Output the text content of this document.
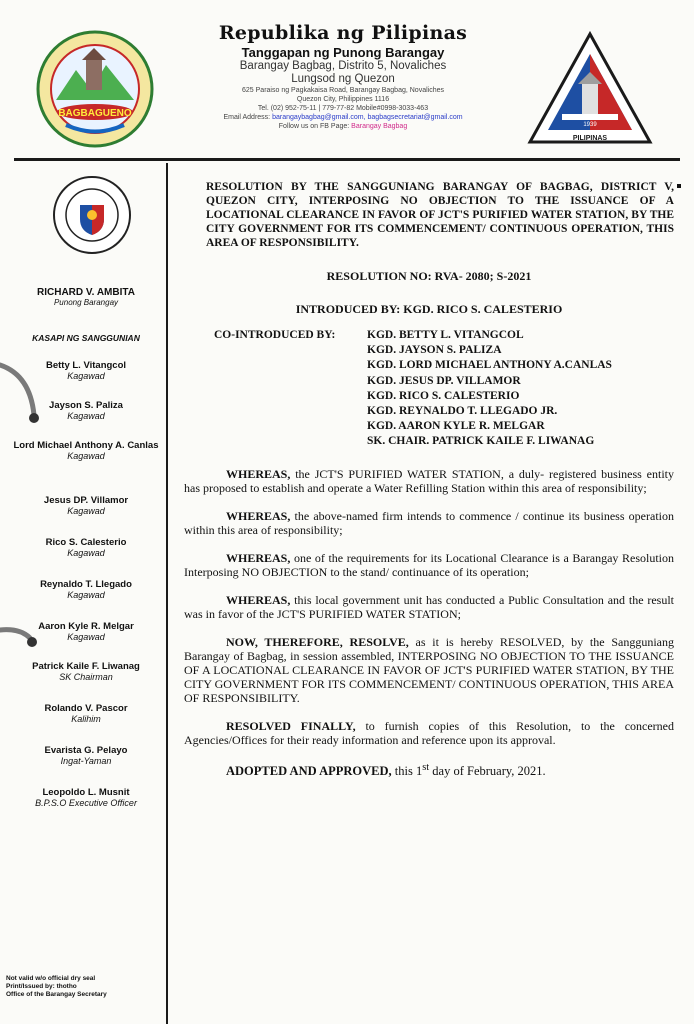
BAGBAGUENO
Republika ng Pilipinas
Tanggapan ng Punong Barangay
Barangay Bagbag, Distrito 5, Novaliches
Lungsod ng Quezon
625 Paraiso ng Pagkakaisa Road, Barangay Bagbag, Novaliches
Quezon City, Philippines 1116
Tel. (02) 952-75-11 | 779-77-82 Mobile#0998-3033-463
Email Address: barangaybagbag@gmail.com, bagbagsecretariat@gmail.com
Follow us on FB Page: Barangay Bagbag
PILIPINAS
1939
RICHARD V. AMBITA
Punong Barangay
KASAPI NG SANGGUNIAN
Betty L. Vitangcol
Kagawad
Jayson S. Paliza
Kagawad
Lord Michael Anthony A. Canlas
Kagawad
Jesus DP. Villamor
Kagawad
Rico S. Calesterio
Kagawad
Reynaldo T. Llegado
Kagawad
Aaron Kyle R. Melgar
Kagawad
Patrick Kaile F. Liwanag
SK Chairman
Rolando V. Pascor
Kalihim
Evarista G. Pelayo
Ingat-Yaman
Leopoldo L. Musnit
B.P.S.O Executive Officer
Not valid w/o official dry seal
Print/Issued by: thotho
Office of the Barangay Secretary
RESOLUTION BY THE SANGGUNIANG BARANGAY OF BAGBAG, DISTRICT V, QUEZON CITY, INTERPOSING NO OBJECTION TO THE ISSUANCE OF A LOCATIONAL CLEARANCE IN FAVOR OF JCT'S PURIFIED WATER STATION, BY THE CITY GOVERNMENT FOR ITS COMMENCEMENT/ CONTINUOUS OPERATION, THIS AREA OF RESPONSIBILITY.
RESOLUTION NO: RVA- 2080; S-2021
INTRODUCED BY: KGD. RICO S. CALESTERIO
CO-INTRODUCED BY:	KGD. BETTY L. VITANGCOL
KGD. JAYSON S. PALIZA
KGD. LORD MICHAEL ANTHONY A.CANLAS
KGD. JESUS DP. VILLAMOR
KGD. RICO S. CALESTERIO
KGD. REYNALDO T. LLEGADO JR.
KGD. AARON KYLE R. MELGAR
SK. CHAIR. PATRICK KAILE F. LIWANAG
WHEREAS, the JCT'S PURIFIED WATER STATION, a duly- registered business entity has proposed to establish and operate a Water Refilling Station within this area of responsibility;
WHEREAS, the above-named firm intends to commence / continue its business operation within this area of responsibility;
WHEREAS, one of the requirements for its Locational Clearance is a Barangay Resolution Interposing NO OBJECTION to the stand/ continuance of its operation;
WHEREAS, this local government unit has conducted a Public Consultation and the result was in favor of the JCT'S PURIFIED WATER STATION;
NOW, THEREFORE, RESOLVE, as it is hereby RESOLVED, by the Sangguniang Barangay of Bagbag, in session assembled, INTERPOSING NO OBJECTION TO THE ISSUANCE OF A LOCATIONAL CLEARANCE IN FAVOR OF JCT'S PURIFIED WATER STATION, BY THE CITY GOVERNMENT FOR ITS COMMENCEMENT/ CONTINUOUS OPERATION, THIS AREA OF RESPONSIBILITY.
RESOLVED FINALLY, to furnish copies of this Resolution, to the concerned Agencies/Offices for their ready information and reference upon its approval.
ADOPTED AND APPROVED, this 1st day of February, 2021.
